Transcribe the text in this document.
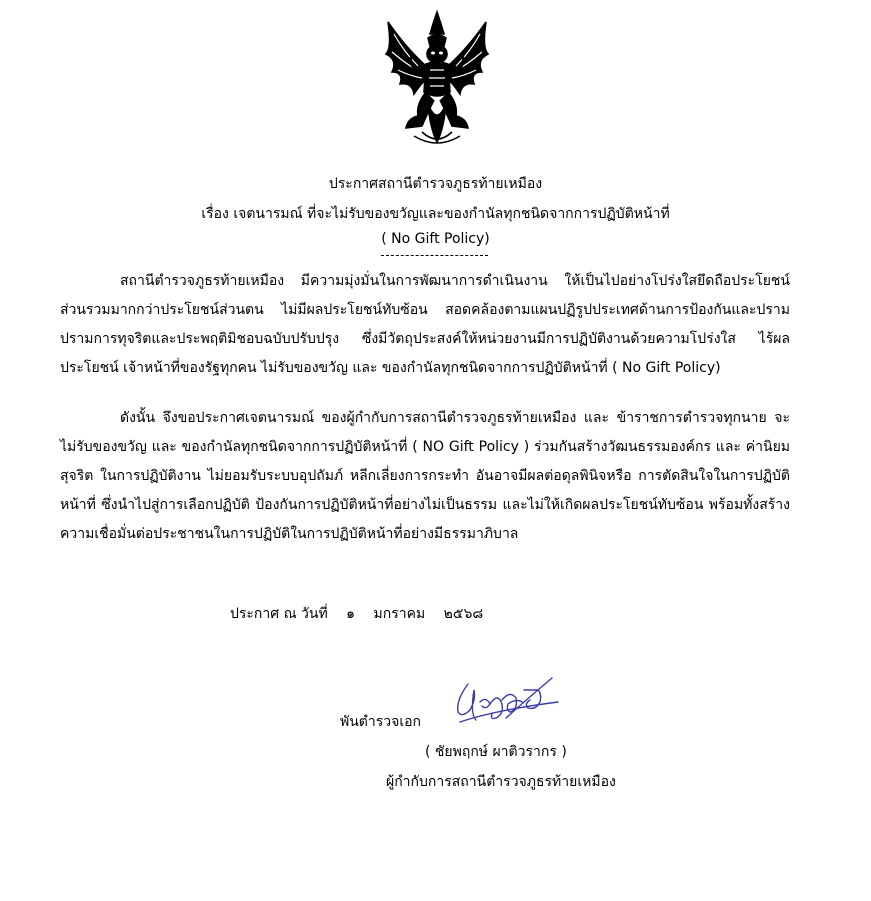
ประกาศสถานีตำรวจภูธรท้ายเหมือง
เรื่อง เจตนารมณ์ ที่จะไม่รับของขวัญและของกำนัลทุกชนิดจากการปฏิบัติหน้าที่
( No Gift Policy)

สถานีตำรวจภูธรท้ายเหมือง มีความมุ่งมั่นในการพัฒนาการดำเนินงาน ให้เป็นไปอย่างโปร่งใสยึดถือประโยชน์ส่วนรวมมากกว่าประโยชน์ส่วนตน ไม่มีผลประโยชน์ทับซ้อน สอดคล้องตามแผนปฏิรูปประเทศด้านการป้องกันและปรามปรามการทุจริตและประพฤติมิชอบฉบับปรับปรุง ซึ่งมีวัตถุประสงค์ให้หน่วยงานมีการปฏิบัติงานด้วยความโปร่งใส ไร้ผลประโยชน์ เจ้าหน้าที่ของรัฐทุกคน ไม่รับของขวัญ และ ของกำนัลทุกชนิดจากการปฏิบัติหน้าที่ ( No Gift Policy)

ดังนั้น จึงขอประกาศเจตนารมณ์ ของผู้กำกับการสถานีตำรวจภูธรท้ายเหมือง และ ข้าราชการตำรวจทุกนาย จะไม่รับของขวัญ และ ของกำนัลทุกชนิดจากการปฏิบัติหน้าที่ ( NO Gift Policy ) ร่วมกันสร้างวัฒนธรรมองค์กร และ ค่านิยมสุจริต ในการปฏิบัติงาน ไม่ยอมรับระบบอุปถัมภ์ หลีกเลี่ยงการกระทำ อันอาจมีผลต่อดุลพินิจหรือ การตัดสินใจในการปฏิบัติหน้าที่ ซึ่งนำไปสู่การเลือกปฏิบัติ ป้องกันการปฏิบัติหน้าที่อย่างไม่เป็นธรรม และไม่ให้เกิดผลประโยชน์ทับซ้อน พร้อมทั้งสร้างความเชื่อมั่นต่อประชาชนในการปฏิบัติในการปฏิบัติหน้าที่อย่างมีธรรมาภิบาล

ประกาศ ณ วันที่ ๑ มกราคม ๒๕๖๘
พันตำรวจเอก
( ชัยพฤกษ์ ผาติวรากร )
ผู้กำกับการสถานีตำรวจภูธรท้ายเหมือง
